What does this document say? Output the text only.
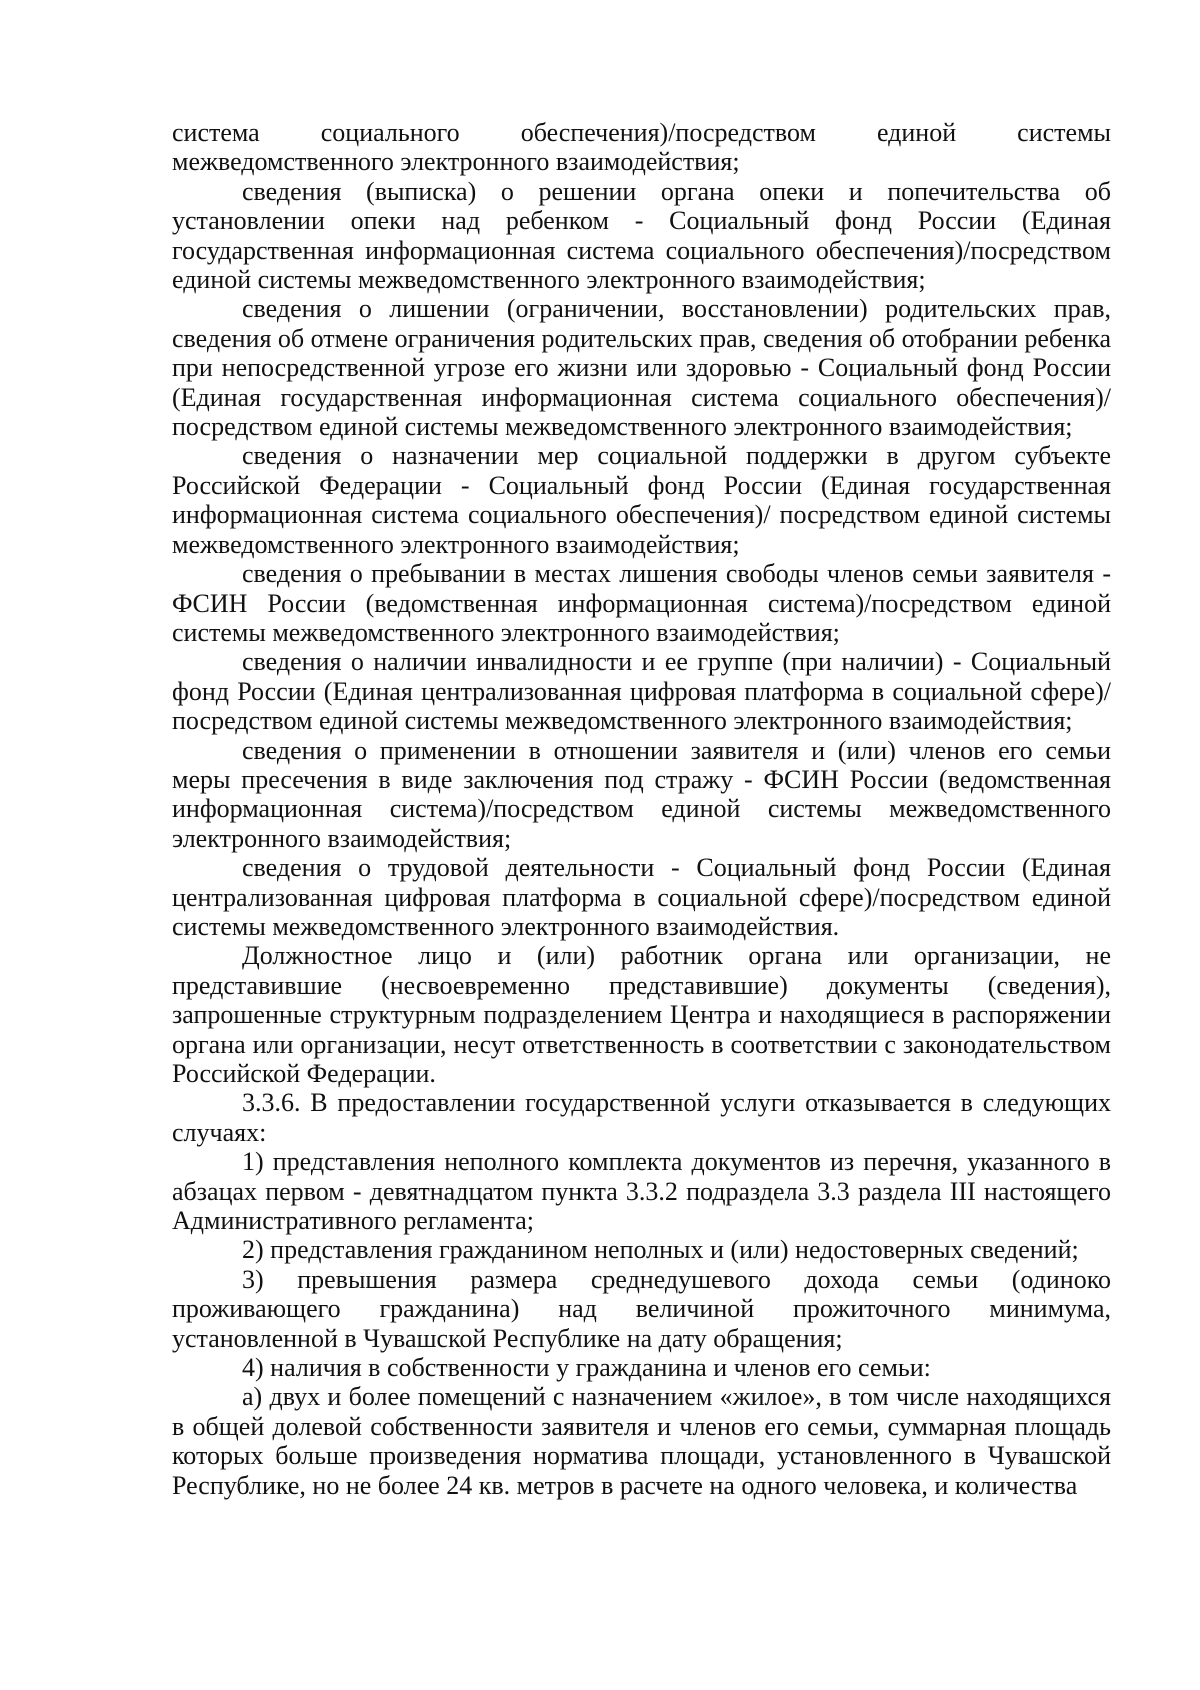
система социального обеспечения)/посредством единой системы межведомственного электронного взаимодействия;

сведения (выписка) о решении органа опеки и попечительства об установлении опеки над ребенком - Социальный фонд России (Единая государственная информационная система социального обеспечения)/посредством единой системы межведомственного электронного взаимодействия;

сведения о лишении (ограничении, восстановлении) родительских прав, сведения об отмене ограничения родительских прав, сведения об отобрании ребенка при непосредственной угрозе его жизни или здоровью - Социальный фонд России (Единая государственная информационная система социального обеспечения)/ посредством единой системы межведомственного электронного взаимодействия;

сведения о назначении мер социальной поддержки в другом субъекте Российской Федерации - Социальный фонд России (Единая государственная информационная система социального обеспечения)/ посредством единой системы межведомственного электронного взаимодействия;

сведения о пребывании в местах лишения свободы членов семьи заявителя - ФСИН России (ведомственная информационная система)/посредством единой системы межведомственного электронного взаимодействия;

сведения о наличии инвалидности и ее группе (при наличии) - Социальный фонд России (Единая централизованная цифровая платформа в социальной сфере)/посредством единой системы межведомственного электронного взаимодействия;

сведения о применении в отношении заявителя и (или) членов его семьи меры пресечения в виде заключения под стражу - ФСИН России (ведомственная информационная система)/посредством единой системы межведомственного электронного взаимодействия;

сведения о трудовой деятельности - Социальный фонд России (Единая централизованная цифровая платформа в социальной сфере)/посредством единой системы межведомственного электронного взаимодействия.

Должностное лицо и (или) работник органа или организации, не представившие (несвоевременно представившие) документы (сведения), запрошенные структурным подразделением Центра и находящиеся в распоряжении органа или организации, несут ответственность в соответствии с законодательством Российской Федерации.

3.3.6. В предоставлении государственной услуги отказывается в следующих случаях:

1) представления неполного комплекта документов из перечня, указанного в абзацах первом - девятнадцатом пункта 3.3.2 подраздела 3.3 раздела III настоящего Административного регламента;

2) представления гражданином неполных и (или) недостоверных сведений;

3) превышения размера среднедушевого дохода семьи (одиноко проживающего гражданина) над величиной прожиточного минимума, установленной в Чувашской Республике на дату обращения;

4) наличия в собственности у гражданина и членов его семьи:

а) двух и более помещений с назначением «жилое», в том числе находящихся в общей долевой собственности заявителя и членов его семьи, суммарная площадь которых больше произведения норматива площади, установленного в Чувашской Республике, но не более 24 кв. метров в расчете на одного человека, и количества
